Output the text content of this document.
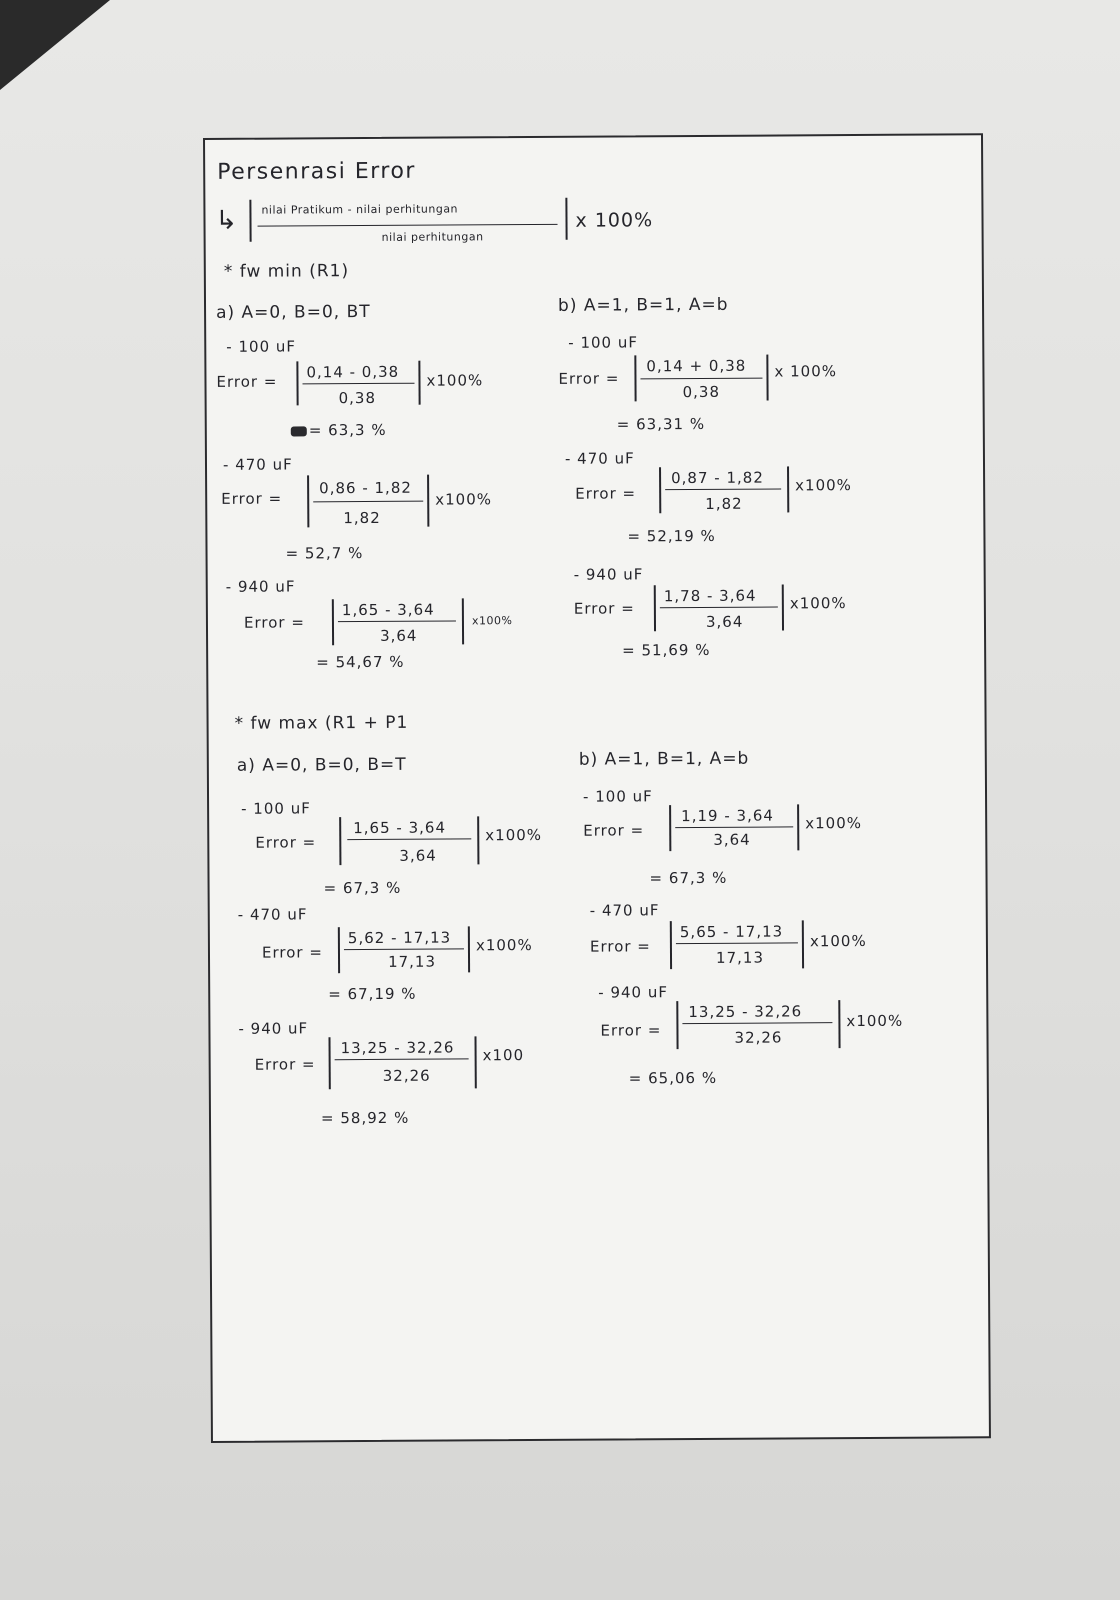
Persenrasi Error
↳ nilai Pratikum - nilai perhitungan
nilai perhitungan
x 100%
* fw min (R1)
a) A=0, B=0, BT
- 100 uF
Error =
0,14 - 0,38
0,38
x100%
= 63,3 %
- 470 uF
Error =
0,86 - 1,82
1,82
x100%
= 52,7 %
- 940 uF
Error =
1,65 - 3,64
3,64
x100%
= 54,67 %
b) A=1, B=1, A=b
- 100 uF
Error =
0,14 + 0,38
0,38
x 100%
= 63,31 %
- 470 uF
Error =
0,87 - 1,82
1,82
x100%
= 52,19 %
- 940 uF
Error =
1,78 - 3,64
3,64
x100%
= 51,69 %
* fw max (R1 + P1
a) A=0, B=0, B=T
- 100 uF
Error =
1,65 - 3,64
3,64
x100%
= 67,3 %
- 470 uF
Error =
5,62 - 17,13
17,13
x100%
= 67,19 %
- 940 uF
Error =
13,25 - 32,26
32,26
x100
= 58,92 %
b) A=1, B=1, A=b
- 100 uF
Error =
1,19 - 3,64
3,64
x100%
= 67,3 %
- 470 uF
Error =
5,65 - 17,13
17,13
x100%
- 940 uF
Error =
13,25 - 32,26
32,26
x100%
= 65,06 %
